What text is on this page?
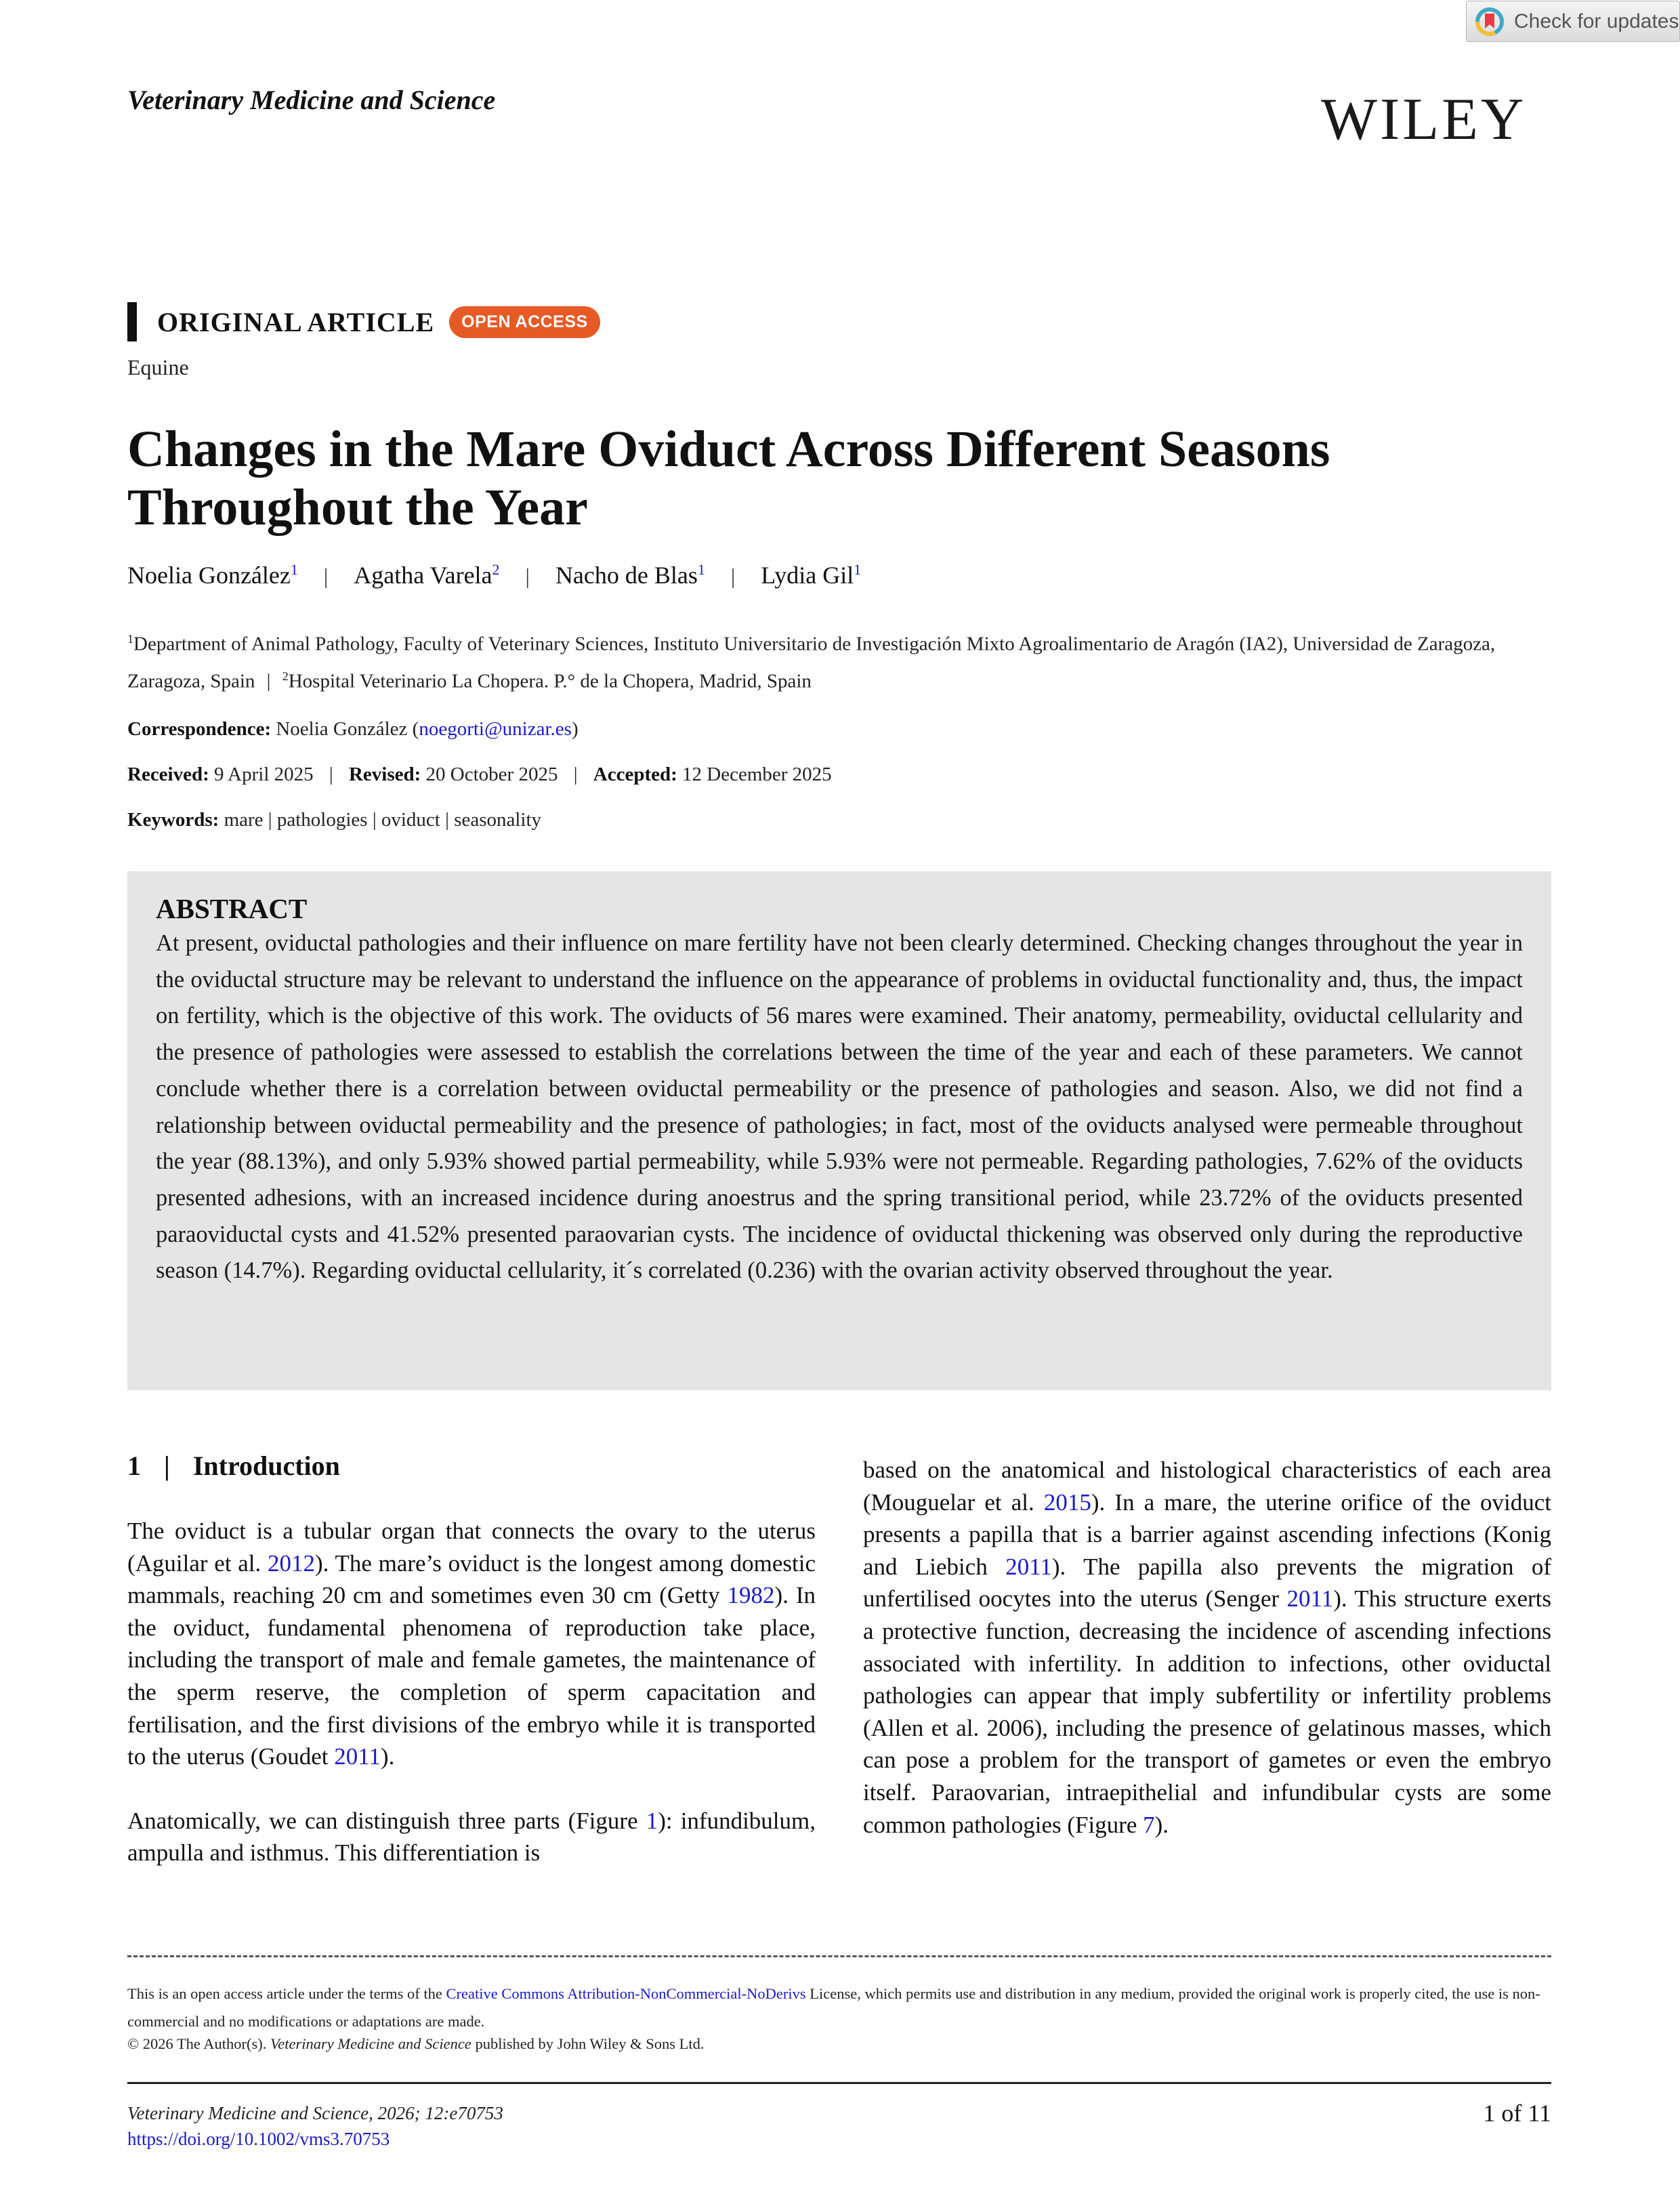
Check for updates
Veterinary Medicine and Science	WILEY
ORIGINAL ARTICLE	OPEN ACCESS
Equine
Changes in the Mare Oviduct Across Different Seasons Throughout the Year
Noelia González$^1$ | Agatha Varela$^2$ | Nacho de Blas$^1$ | Lydia Gil$^1$
$^1$Department of Animal Pathology, Faculty of Veterinary Sciences, Instituto Universitario de Investigación Mixto Agroalimentario de Aragón (IA2), Universidad de Zaragoza, Zaragoza, Spain | $^2$Hospital Veterinario La Chopera. P.° de la Chopera, Madrid, Spain
Correspondence: Noelia González (noegorti@unizar.es)
Received: 9 April 2025 | Revised: 20 October 2025 | Accepted: 12 December 2025
Keywords: mare | pathologies | oviduct | seasonality
ABSTRACT

At present, oviductal pathologies and their influence on mare fertility have not been clearly determined. Checking changes throughout the year in the oviductal structure may be relevant to understand the influence on the appearance of problems in oviductal functionality and, thus, the impact on fertility, which is the objective of this work. The oviducts of 56 mares were examined. Their anatomy, permeability, oviductal cellularity and the presence of pathologies were assessed to establish the correlations between the time of the year and each of these parameters. We cannot conclude whether there is a correlation between oviductal permeability or the presence of pathologies and season. Also, we did not find a relationship between oviductal permeability and the presence of pathologies; in fact, most of the oviducts analysed were permeable throughout the year (88.13%), and only 5.93% showed partial permeability, while 5.93% were not permeable. Regarding pathologies, 7.62% of the oviducts presented adhesions, with an increased incidence during anoestrus and the spring transitional period, while 23.72% of the oviducts presented paraoviductal cysts and 41.52% presented paraovarian cysts. The incidence of oviductal thickening was observed only during the reproductive season (14.7%). Regarding oviductal cellularity, it´s correlated (0.236) with the ovarian activity observed throughout the year.

1 | Introduction

The oviduct is a tubular organ that connects the ovary to the uterus (Aguilar et al. 2012). The mare’s oviduct is the longest among domestic mammals, reaching 20 cm and sometimes even 30 cm (Getty 1982). In the oviduct, fundamental phenomena of reproduction take place, including the transport of male and female gametes, the maintenance of the sperm reserve, the completion of sperm capacitation and fertilisation, and the first divisions of the embryo while it is transported to the uterus (Goudet 2011).

Anatomically, we can distinguish three parts (Figure 1): infundibulum, ampulla and isthmus. This differentiation is

based on the anatomical and histological characteristics of each area (Mouguelar et al. 2015). In a mare, the uterine orifice of the oviduct presents a papilla that is a barrier against ascending infections (Konig and Liebich 2011). The papilla also prevents the migration of unfertilised oocytes into the uterus (Senger 2011). This structure exerts a protective function, decreasing the incidence of ascending infections associated with infertility. In addition to infections, other oviductal pathologies can appear that imply subfertility or infertility problems (Allen et al. 2006), including the presence of gelatinous masses, which can pose a problem for the transport of gametes or even the embryo itself. Paraovarian, intraepithelial and infundibular cysts are some common pathologies (Figure 7).

This is an open access article under the terms of the Creative Commons Attribution-NonCommercial-NoDerivs License, which permits use and distribution in any medium, provided the original work is properly cited, the use is non-commercial and no modifications or adaptations are made.
© 2026 The Author(s). Veterinary Medicine and Science published by John Wiley & Sons Ltd.
Veterinary Medicine and Science, 2026; 12:e70753
https://doi.org/10.1002/vms3.70753
1 of 11
